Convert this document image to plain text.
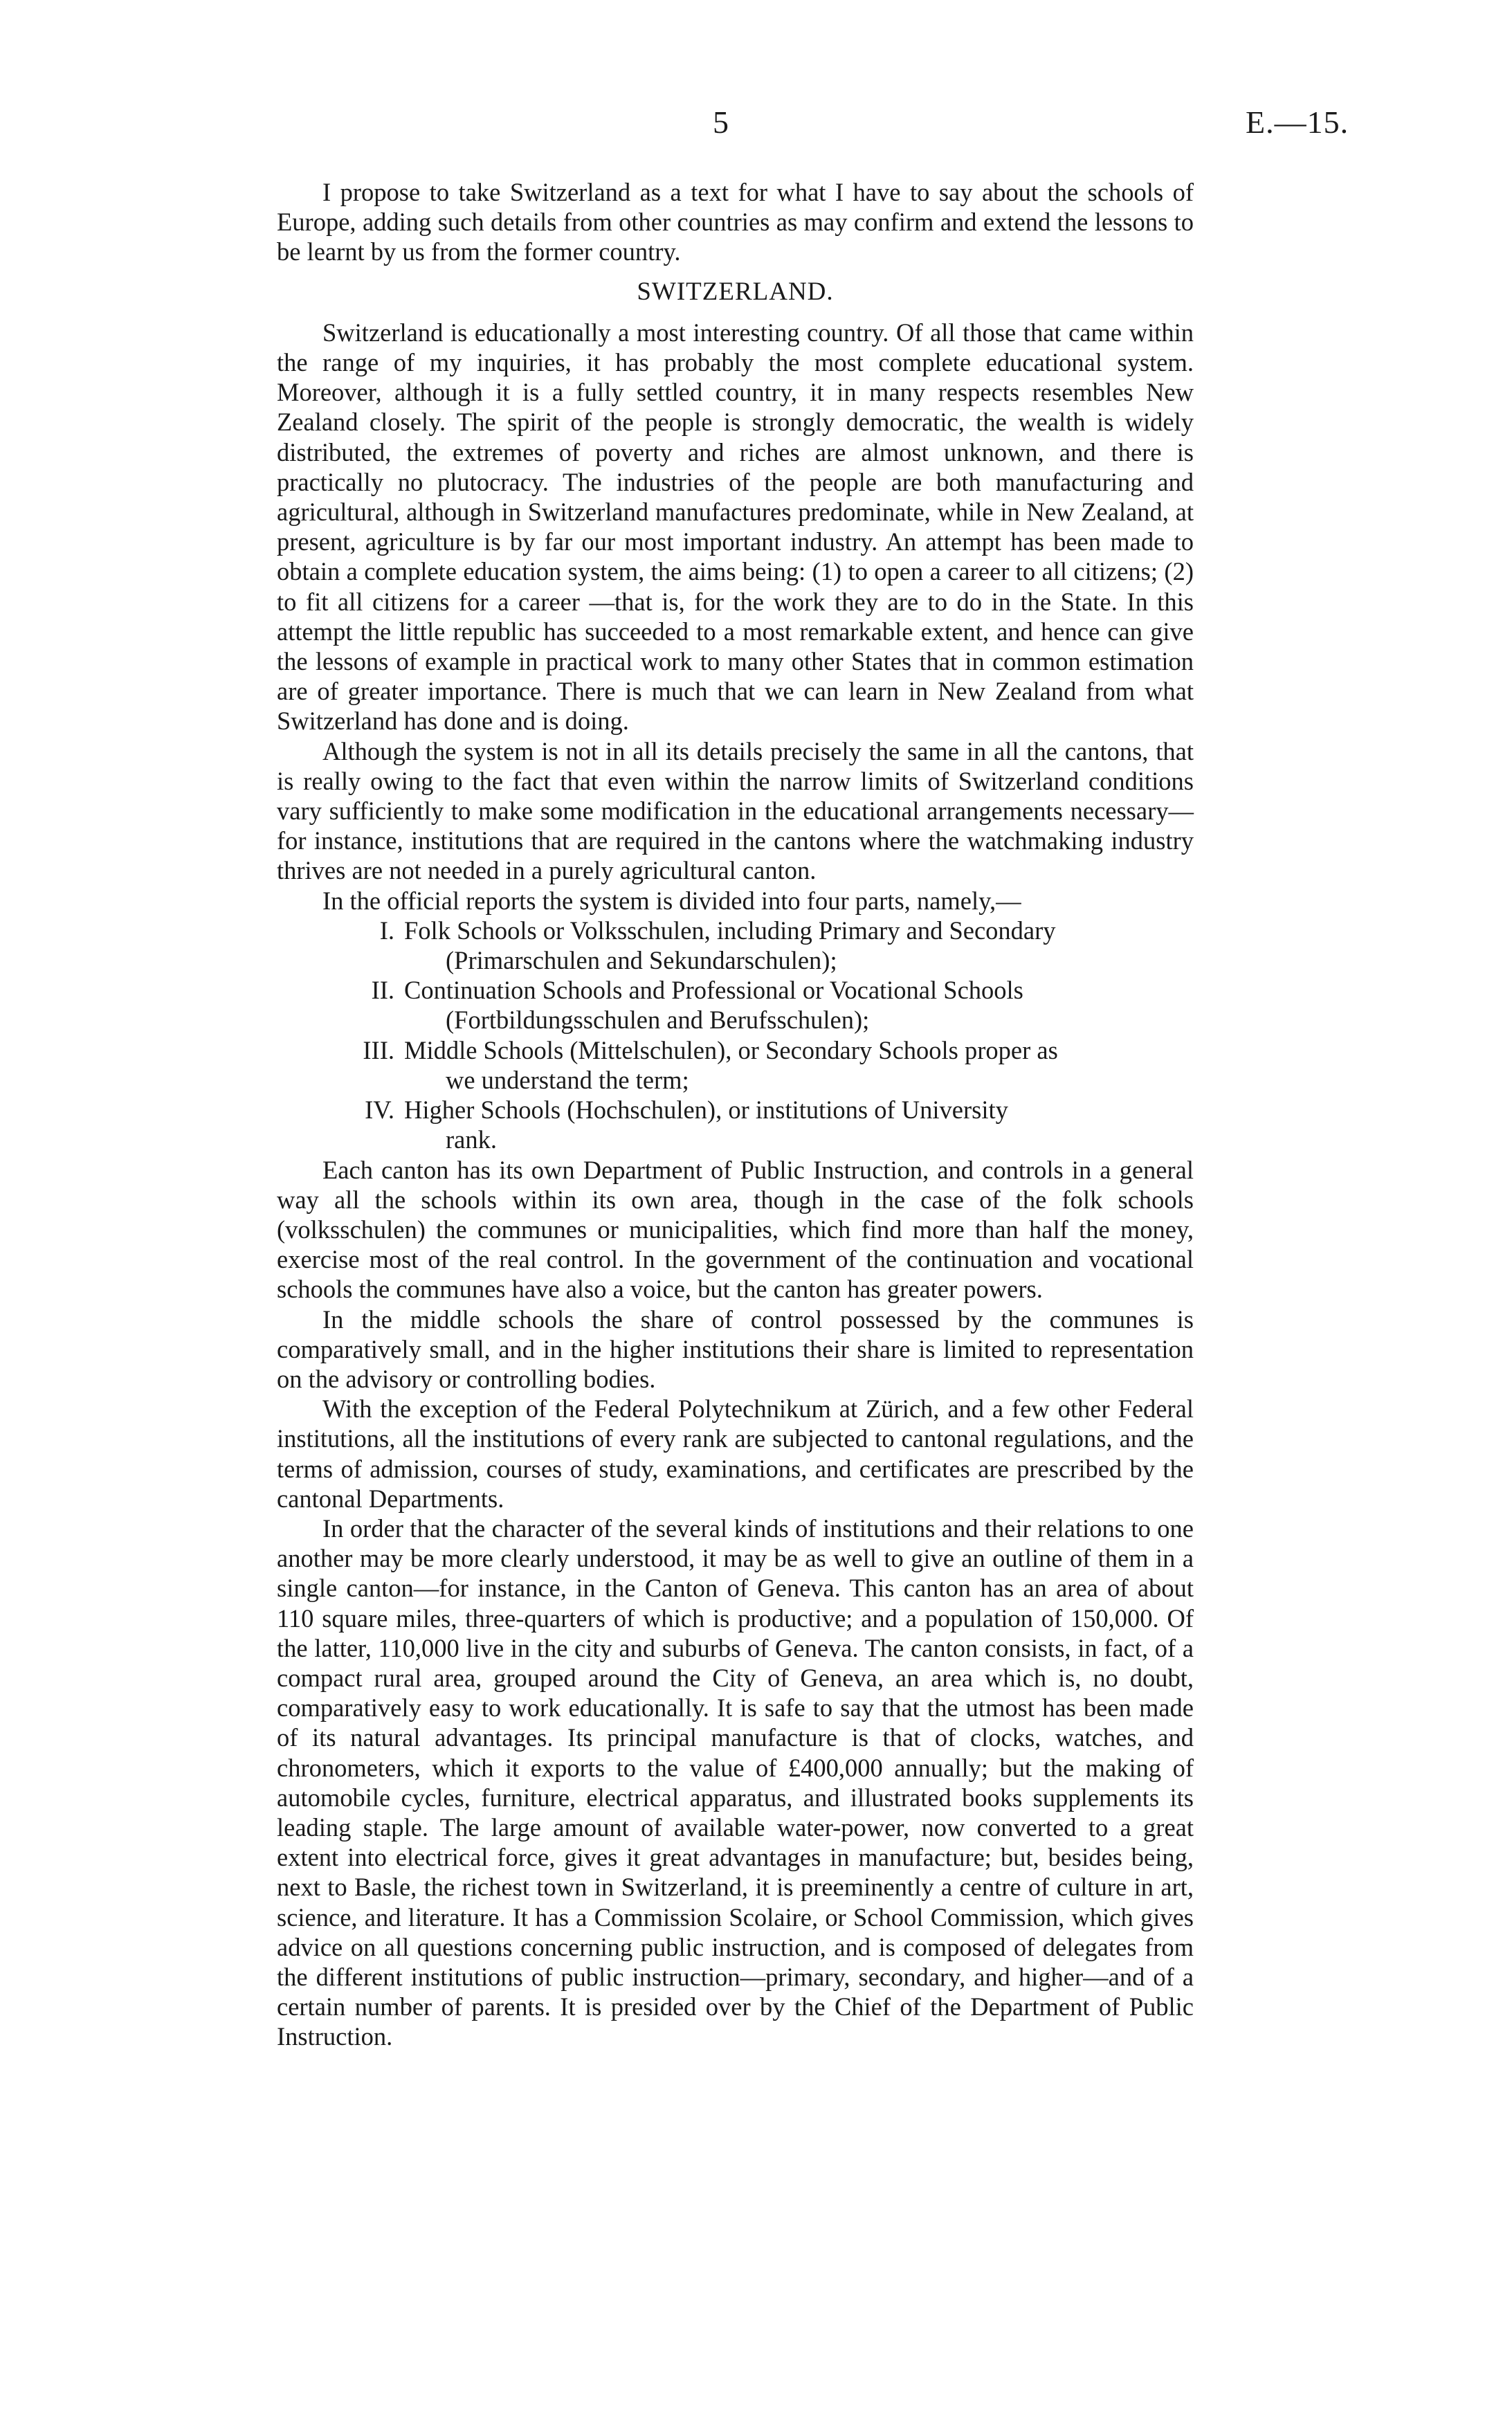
5	E.—15.

I propose to take Switzerland as a text for what I have to say about the schools of Europe, adding such details from other countries as may confirm and extend the lessons to be learnt by us from the former country.

SWITZERLAND.

Switzerland is educationally a most interesting country. Of all those that came within the range of my inquiries, it has probably the most complete educational system. Moreover, although it is a fully settled country, it in many respects resembles New Zealand closely. The spirit of the people is strongly democratic, the wealth is widely distributed, the extremes of poverty and riches are almost unknown, and there is practically no plutocracy. The industries of the people are both manufacturing and agricultural, although in Switzerland manufactures predominate, while in New Zealand, at present, agriculture is by far our most important industry. An attempt has been made to obtain a complete education system, the aims being: (1) to open a career to all citizens; (2) to fit all citizens for a career —that is, for the work they are to do in the State. In this attempt the little republic has succeeded to a most remarkable extent, and hence can give the lessons of example in practical work to many other States that in common estimation are of greater importance. There is much that we can learn in New Zealand from what Switzerland has done and is doing.

Although the system is not in all its details precisely the same in all the cantons, that is really owing to the fact that even within the narrow limits of Switzerland conditions vary sufficiently to make some modification in the educational arrangements necessary—for instance, institutions that are required in the cantons where the watchmaking industry thrives are not needed in a purely agricultural canton.

In the official reports the system is divided into four parts, namely,—

I. Folk Schools or Volksschulen, including Primary and Secondary
(Primarschulen and Sekundarschulen);
II. Continuation Schools and Professional or Vocational Schools
(Fortbildungsschulen and Berufsschulen);
III. Middle Schools (Mittelschulen), or Secondary Schools proper as
we understand the term;
IV. Higher Schools (Hochschulen), or institutions of University
rank.

Each canton has its own Department of Public Instruction, and controls in a general way all the schools within its own area, though in the case of the folk schools (volksschulen) the communes or municipalities, which find more than half the money, exercise most of the real control. In the government of the continuation and vocational schools the communes have also a voice, but the canton has greater powers.

In the middle schools the share of control possessed by the communes is comparatively small, and in the higher institutions their share is limited to representation on the advisory or controlling bodies.

With the exception of the Federal Polytechnikum at Zürich, and a few other Federal institutions, all the institutions of every rank are subjected to cantonal regulations, and the terms of admission, courses of study, examinations, and certificates are prescribed by the cantonal Departments.

In order that the character of the several kinds of institutions and their relations to one another may be more clearly understood, it may be as well to give an outline of them in a single canton—for instance, in the Canton of Geneva. This canton has an area of about 110 square miles, three-quarters of which is productive; and a population of 150,000. Of the latter, 110,000 live in the city and suburbs of Geneva. The canton consists, in fact, of a compact rural area, grouped around the City of Geneva, an area which is, no doubt, comparatively easy to work educationally. It is safe to say that the utmost has been made of its natural advantages. Its principal manufacture is that of clocks, watches, and chronometers, which it exports to the value of £400,000 annually; but the making of automobile cycles, furniture, electrical apparatus, and illustrated books supplements its leading staple. The large amount of available water-power, now converted to a great extent into electrical force, gives it great advantages in manufacture; but, besides being, next to Basle, the richest town in Switzerland, it is preeminently a centre of culture in art, science, and literature. It has a Commission Scolaire, or School Commission, which gives advice on all questions concerning public instruction, and is composed of delegates from the different institutions of public instruction—primary, secondary, and higher—and of a certain number of parents. It is presided over by the Chief of the Department of Public Instruction.
